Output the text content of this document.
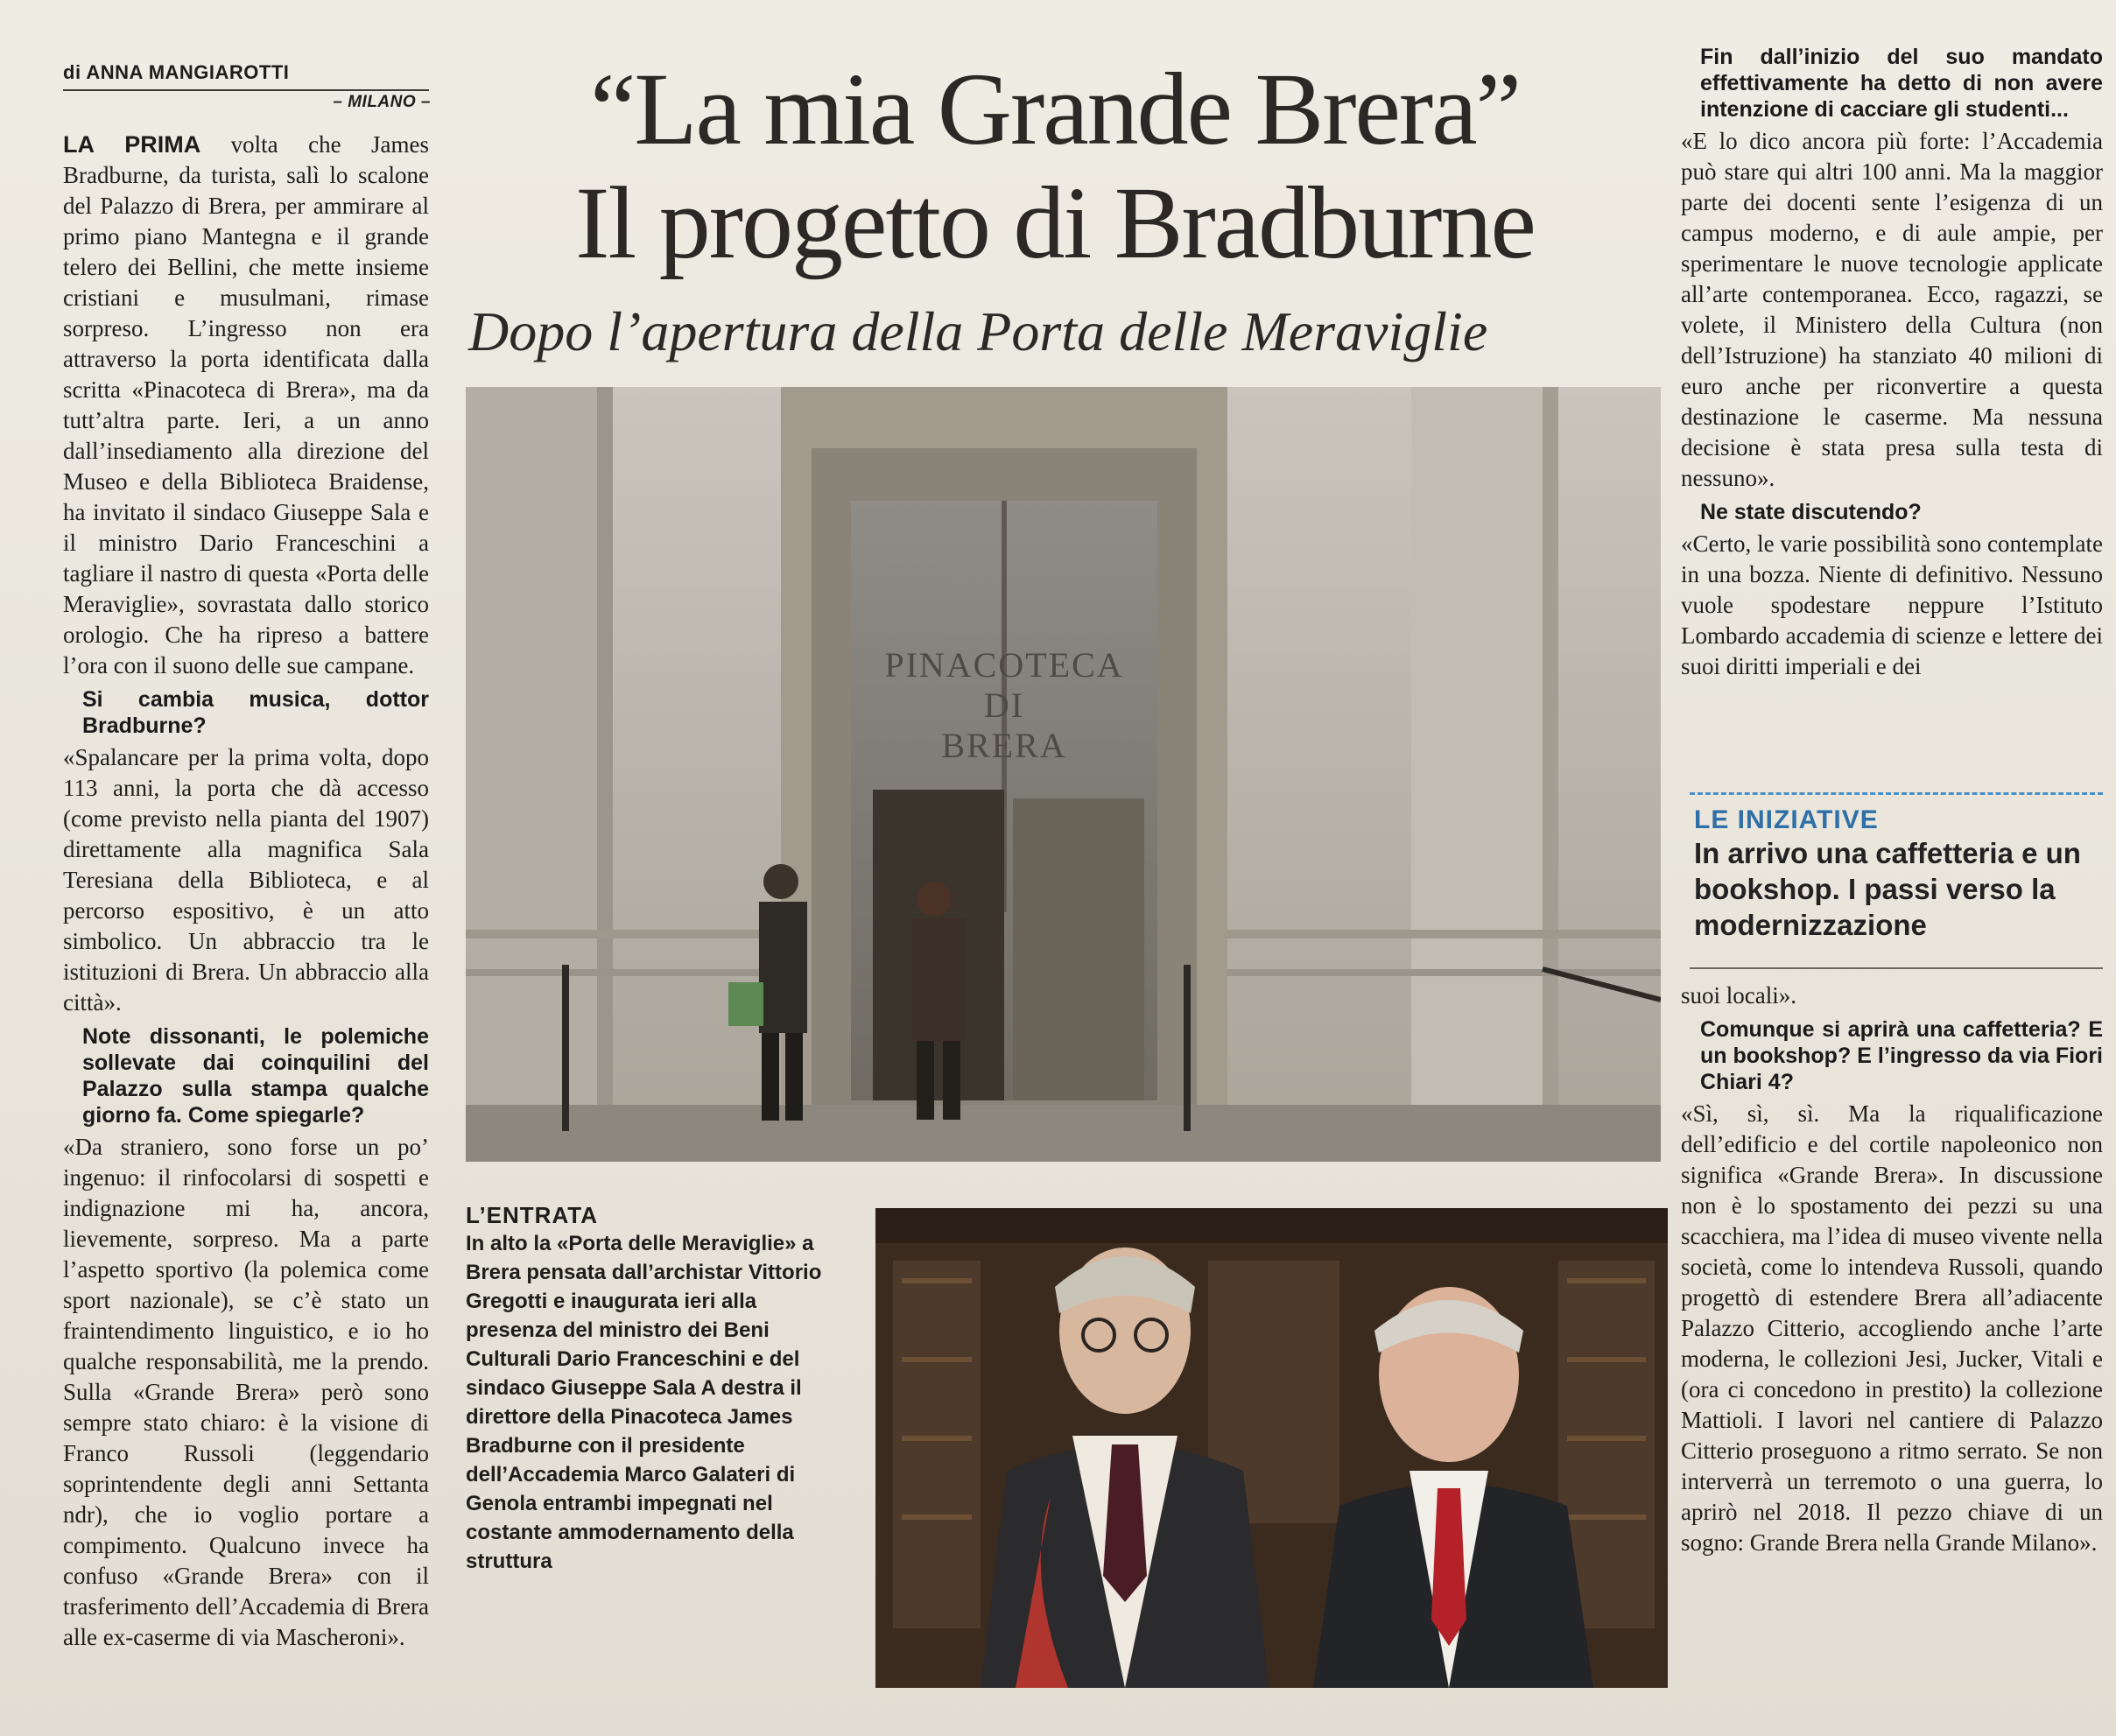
di ANNA MANGIAROTTI
– MILANO –

LA PRIMA volta che James Bradburne, da turista, salì lo scalone del Palazzo di Brera, per ammirare al primo piano Mantegna e il grande telero dei Bellini, che mette insieme cristiani e musulmani, rimase sorpreso. L’ingresso non era attraverso la porta identificata dalla scritta «Pinacoteca di Brera», ma da tutt’altra parte. Ieri, a un anno dall’insediamento alla direzione del Museo e della Biblioteca Braidense, ha invitato il sindaco Giuseppe Sala e il ministro Dario Franceschini a tagliare il nastro di questa «Porta delle Meraviglie», sovrastata dallo storico orologio. Che ha ripreso a battere l’ora con il suono delle sue campane.

Si cambia musica, dottor Bradburne?

«Spalancare per la prima volta, dopo 113 anni, la porta che dà accesso (come previsto nella pianta del 1907) direttamente alla magnifica Sala Teresiana della Biblioteca, e al percorso espositivo, è un atto simbolico. Un abbraccio tra le istituzioni di Brera. Un abbraccio alla città».

Note dissonanti, le polemiche sollevate dai coinquilini del Palazzo sulla stampa qualche giorno fa. Come spiegarle?

«Da straniero, sono forse un po’ ingenuo: il rinfocolarsi di sospetti e indignazione mi ha, ancora, lievemente, sorpreso. Ma a parte l’aspetto sportivo (la polemica come sport nazionale), se c’è stato un fraintendimento linguistico, e io ho qualche responsabilità, me la prendo. Sulla «Grande Brera» però sono sempre stato chiaro: è la visione di Franco Russoli (leggendario soprintendente degli anni Settanta ndr), che io voglio portare a compimento. Qualcuno invece ha confuso «Grande Brera» con il trasferimento dell’Accademia di Brera alle ex-caserme di via Mascheroni».

“La mia Grande Brera”
Il progetto di Bradburne
Dopo l’apertura della Porta delle Meraviglie
PINACOTECA
DI
BRERA
L’ENTRATA
In alto la «Porta delle Meraviglie» a Brera pensata dall’archistar Vittorio Gregotti e inaugurata ieri alla presenza del ministro dei Beni Culturali Dario Franceschini e del sindaco Giuseppe Sala A destra il direttore della Pinacoteca James Bradburne con il presidente dell’Accademia Marco Galateri di Genola entrambi impegnati nel costante ammodernamento della struttura
Fin dall’inizio del suo mandato effettivamente ha detto di non avere intenzione di cacciare gli studenti...

«E lo dico ancora più forte: l’Accademia può stare qui altri 100 anni. Ma la maggior parte dei docenti sente l’esigenza di un campus moderno, e di aule ampie, per sperimentare le nuove tecnologie applicate all’arte contemporanea. Ecco, ragazzi, se volete, il Ministero della Cultura (non dell’Istruzione) ha stanziato 40 milioni di euro anche per riconvertire a questa destinazione le caserme. Ma nessuna decisione è stata presa sulla testa di nessuno».

Ne state discutendo?

«Certo, le varie possibilità sono contemplate in una bozza. Niente di definitivo. Nessuno vuole spodestare neppure l’Istituto Lombardo accademia di scienze e lettere dei suoi diritti imperiali e dei

LE INIZIATIVE
In arrivo una caffetteria e un bookshop. I passi verso la modernizzazione

suoi locali».

Comunque si aprirà una caffetteria? E un bookshop? E l’ingresso da via Fiori Chiari 4?

«Sì, sì, sì. Ma la riqualificazione dell’edificio e del cortile napoleonico non significa «Grande Brera». In discussione non è lo spostamento dei pezzi su una scacchiera, ma l’idea di museo vivente nella società, come lo intendeva Russoli, quando progettò di estendere Brera all’adiacente Palazzo Citterio, accogliendo anche l’arte moderna, le collezioni Jesi, Jucker, Vitali e (ora ci concedono in prestito) la collezione Mattioli. I lavori nel cantiere di Palazzo Citterio proseguono a ritmo serrato. Se non interverrà un terremoto o una guerra, lo aprirò nel 2018. Il pezzo chiave di un sogno: Grande Brera nella Grande Milano».
